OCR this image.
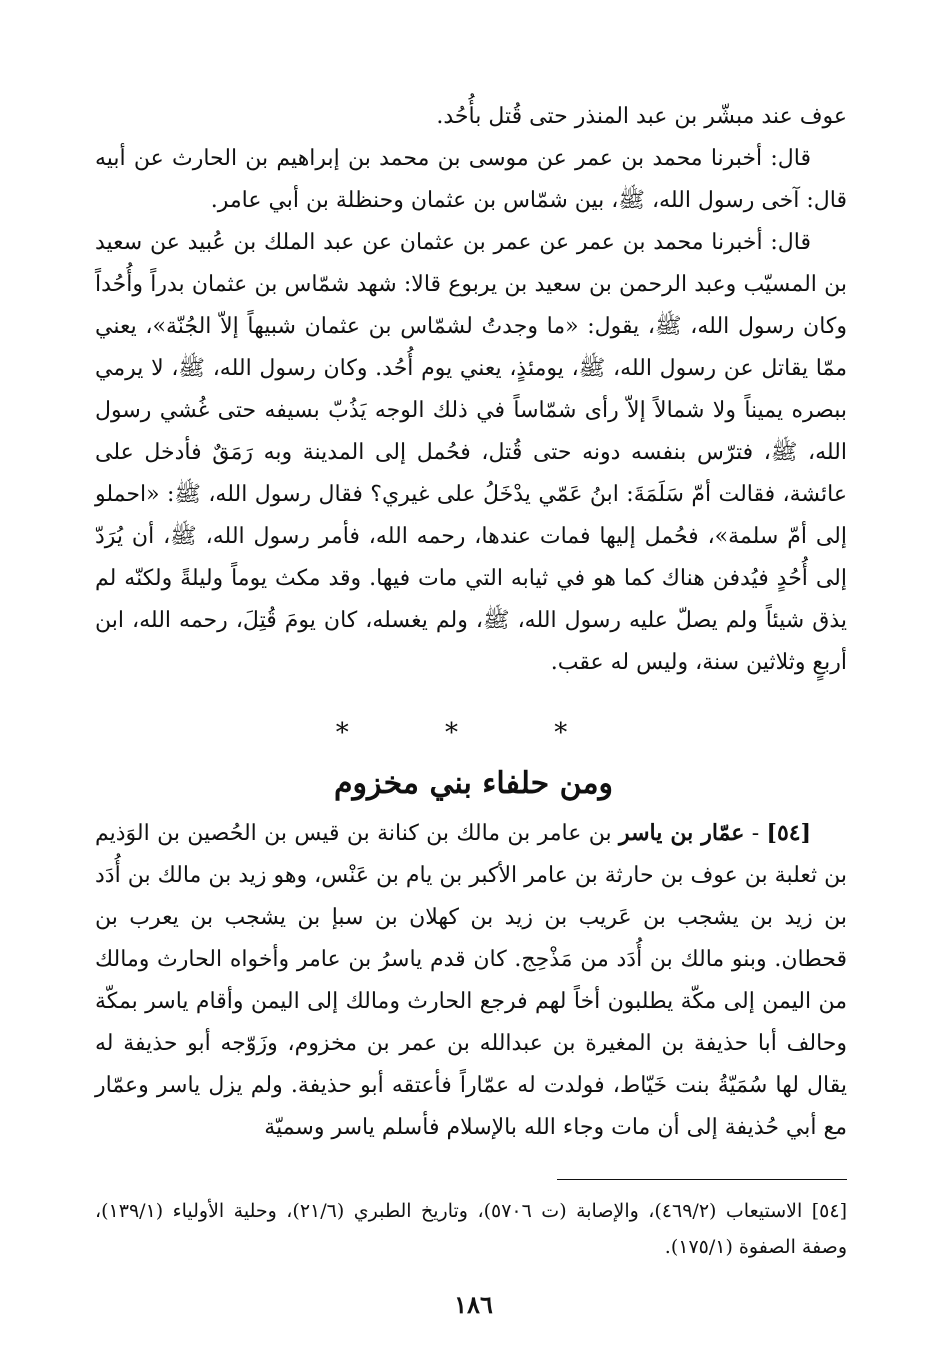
عوف عند مبشّر بن عبد المنذر حتى قُتل بأُحُد.

قال: أخبرنا محمد بن عمر عن موسى بن محمد بن إبراهيم بن الحارث عن أبيه قال: آخى رسول الله، ﷺ، بين شمّاس بن عثمان وحنظلة بن أبي عامر.

قال: أخبرنا محمد بن عمر عن عمر بن عثمان عن عبد الملك بن عُبيد عن سعيد بن المسيّب وعبد الرحمن بن سعيد بن يربوع قالا: شهد شمّاس بن عثمان بدراً وأُحُداً وكان رسول الله، ﷺ، يقول: «ما وجدتُ لشمّاس بن عثمان شبيهاً إلاّ الجُنّة»، يعني ممّا يقاتل عن رسول الله، ﷺ، يومئذٍ، يعني يوم أُحُد. وكان رسول الله، ﷺ، لا يرمي ببصره يميناً ولا شمالاً إلاّ رأى شمّاساً في ذلك الوجه يَذُبّ بسيفه حتى غُشي رسول الله، ﷺ، فترّس بنفسه دونه حتى قُتل، فحُمل إلى المدينة وبه رَمَقٌ فأدخل على عائشة، فقالت أمّ سَلَمَةَ: ابنُ عَمّي يدْخَلُ على غيري؟ فقال رسول الله، ﷺ: «احملو إلى أمّ سلمة»، فحُمل إليها فمات عندها، رحمه الله، فأمر رسول الله، ﷺ، أن يُرَدّ إلى أُحُدٍ فيُدفن هناك كما هو في ثيابه التي مات فيها. وقد مكث يوماً وليلةً ولكنّه لم يذق شيئاً ولم يصلّ عليه رسول الله، ﷺ، ولم يغسله، كان يومَ قُتِلَ، رحمه الله، ابن أربعٍ وثلاثين سنة، وليس له عقب.

* * *
ومن حلفاء بني مخزوم

[٥٤] - عمّار بن ياسر بن عامر بن مالك بن كنانة بن قيس بن الحُصين بن الوَذيم بن ثعلبة بن عوف بن حارثة بن عامر الأكبر بن يام بن عَنْس، وهو زيد بن مالك بن أُدَد بن زيد بن يشجب بن عَريب بن زيد بن كهلان بن سبإ بن يشجب بن يعرب بن قحطان. وبنو مالك بن أُدَد من مَذْحِج. كان قدم ياسرُ بن عامر وأخواه الحارث ومالك من اليمن إلى مكّة يطلبون أخاً لهم فرجع الحارث ومالك إلى اليمن وأقام ياسر بمكّة وحالف أبا حذيفة بن المغيرة بن عبدالله بن عمر بن مخزوم، وزَوّجه أبو حذيفة له يقال لها سُمَيّةُ بنت خَيّاط، فولدت له عمّاراً فأعتقه أبو حذيفة. ولم يزل ياسر وعمّار مع أبي حُذيفة إلى أن مات وجاء الله بالإسلام فأسلم ياسر وسميّة

[٥٤] الاستيعاب (٤٦٩/٢)، والإصابة (ت ٥٧٠٦)، وتاريخ الطبري (٢١/٦)، وحلية الأولياء (١٣٩/١)، وصفة الصفوة (١٧٥/١).
١٨٦
